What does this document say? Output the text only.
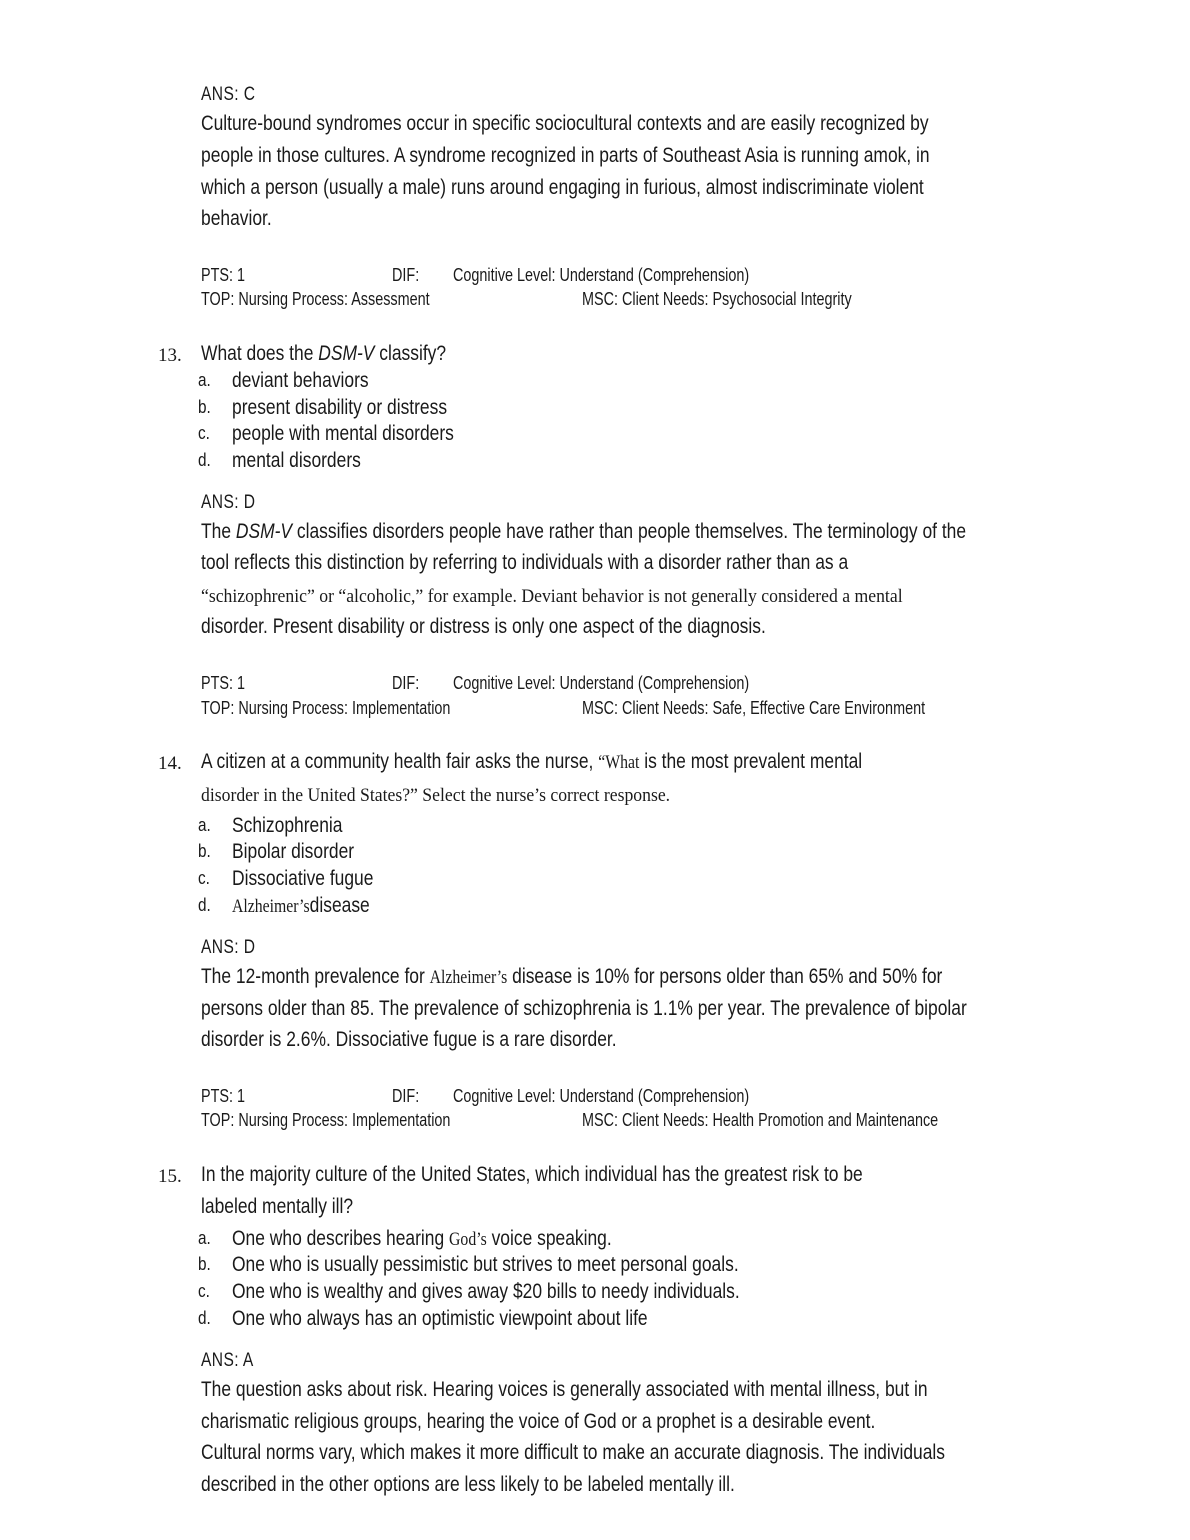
ANS: C
Culture-bound syndromes occur in specific sociocultural contexts and are easily recognized by
people in those cultures. A syndrome recognized in parts of Southeast Asia is running amok, in
which a person (usually a male) runs around engaging in furious, almost indiscriminate violent
behavior.
PTS: 1	DIF: Cognitive Level: Understand (Comprehension)
TOP: Nursing Process: Assessment	MSC: Client Needs: Psychosocial Integrity
13. What does the DSM-V classify?
a. deviant behaviors
b. present disability or distress
c. people with mental disorders
d. mental disorders
ANS: D
The DSM-V classifies disorders people have rather than people themselves. The terminology of the
tool reflects this distinction by referring to individuals with a disorder rather than as a
“schizophrenic” or “alcoholic,” for example. Deviant behavior is not generally considered a mental
disorder. Present disability or distress is only one aspect of the diagnosis.
PTS: 1	DIF: Cognitive Level: Understand (Comprehension)
TOP: Nursing Process: Implementation	MSC: Client Needs: Safe, Effective Care Environment
14. A citizen at a community health fair asks the nurse, “What is the most prevalent mental
disorder in the United States?” Select the nurse’s correct response.
a. Schizophrenia
b. Bipolar disorder
c. Dissociative fugue
d. Alzheimer’sdisease
ANS: D
The 12-month prevalence for Alzheimer’s disease is 10% for persons older than 65% and 50% for
persons older than 85. The prevalence of schizophrenia is 1.1% per year. The prevalence of bipolar
disorder is 2.6%. Dissociative fugue is a rare disorder.
PTS: 1	DIF: Cognitive Level: Understand (Comprehension)
TOP: Nursing Process: Implementation	MSC: Client Needs: Health Promotion and Maintenance
15. In the majority culture of the United States, which individual has the greatest risk to be
labeled mentally ill?
a. One who describes hearing God’s voice speaking.
b. One who is usually pessimistic but strives to meet personal goals.
c. One who is wealthy and gives away $20 bills to needy individuals.
d. One who always has an optimistic viewpoint about life
ANS: A
The question asks about risk. Hearing voices is generally associated with mental illness, but in
charismatic religious groups, hearing the voice of God or a prophet is a desirable event.
Cultural norms vary, which makes it more difficult to make an accurate diagnosis. The individuals
described in the other options are less likely to be labeled mentally ill.
